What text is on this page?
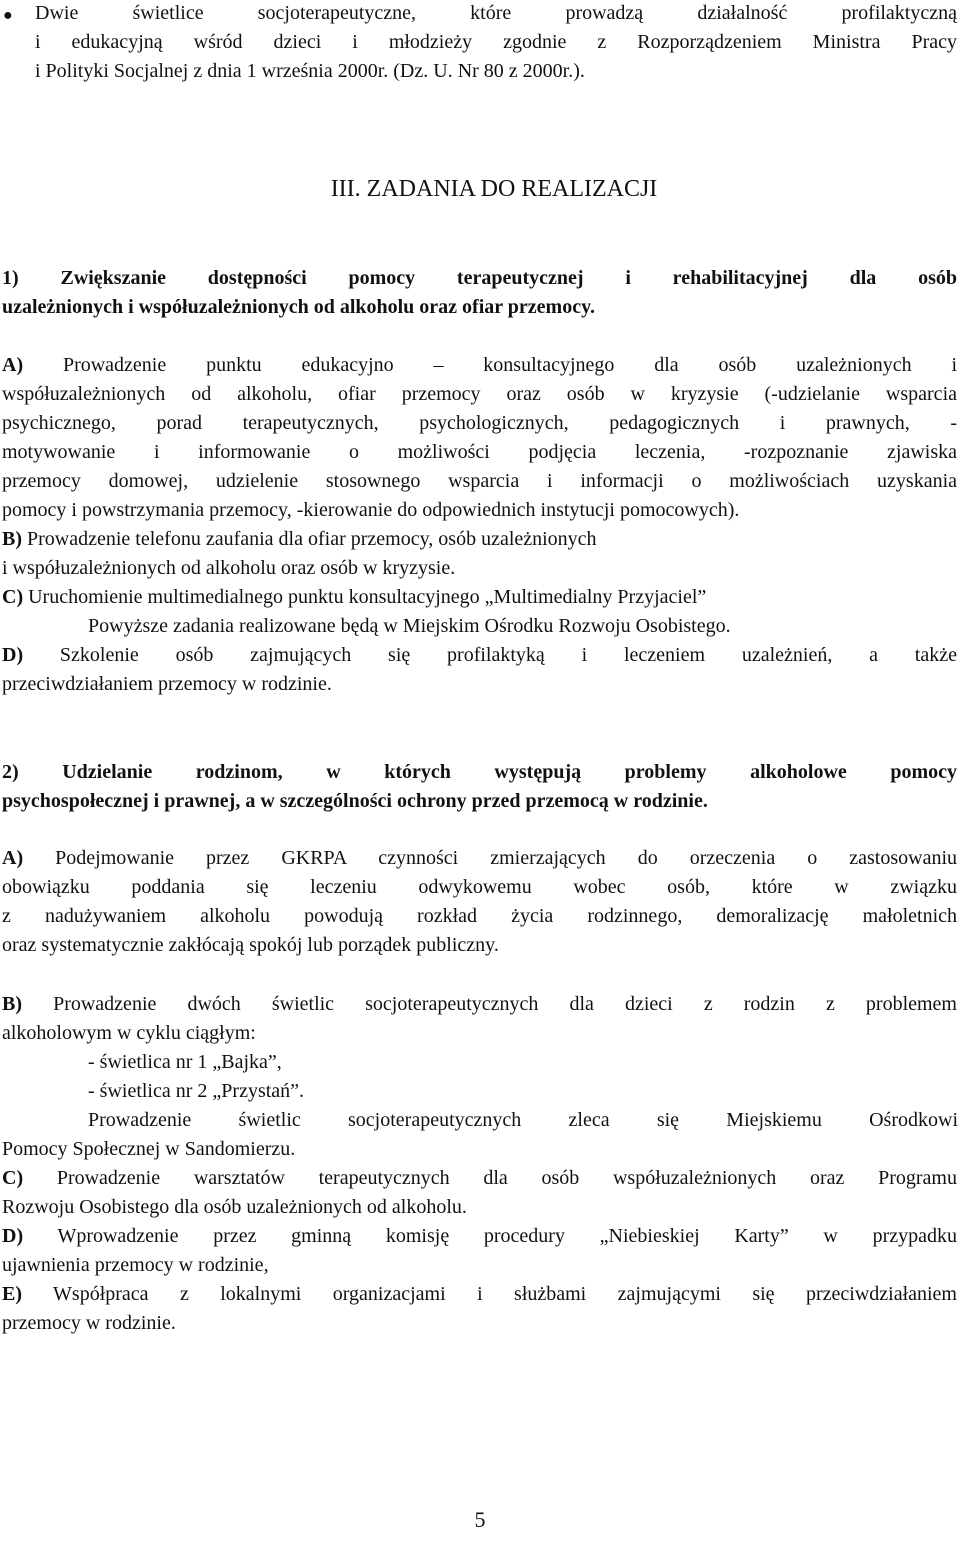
● Dwie świetlice socjoterapeutyczne, które prowadzą działalność profilaktyczną
i edukacyjną wśród dzieci i młodzieży zgodnie z Rozporządzeniem Ministra Pracy
i Polityki Socjalnej z dnia 1 września 2000r. (Dz. U. Nr 80 z 2000r.).
III. ZADANIA DO REALIZACJI
1) Zwiększanie dostępności pomocy terapeutycznej i rehabilitacyjnej dla osób
uzależnionych i współuzależnionych od alkoholu oraz ofiar przemocy.
A) Prowadzenie punktu edukacyjno – konsultacyjnego dla osób uzależnionych i
współuzależnionych od alkoholu, ofiar przemocy oraz osób w kryzysie (-udzielanie wsparcia
psychicznego, porad terapeutycznych, psychologicznych, pedagogicznych i prawnych, -
motywowanie i informowanie o możliwości podjęcia leczenia, -rozpoznanie zjawiska
przemocy domowej, udzielenie stosownego wsparcia i informacji o możliwościach uzyskania
pomocy i powstrzymania przemocy, -kierowanie do odpowiednich instytucji pomocowych).
B) Prowadzenie telefonu zaufania dla ofiar przemocy, osób uzależnionych
i współuzależnionych od alkoholu oraz osób w kryzysie.
C) Uruchomienie multimedialnego punktu konsultacyjnego „Multimedialny Przyjaciel”
Powyższe zadania realizowane będą w Miejskim Ośrodku Rozwoju Osobistego.
D) Szkolenie osób zajmujących się profilaktyką i leczeniem uzależnień, a także
przeciwdziałaniem przemocy w rodzinie.
2) Udzielanie rodzinom, w których występują problemy alkoholowe pomocy
psychospołecznej i prawnej, a w szczególności ochrony przed przemocą w rodzinie.
A) Podejmowanie przez GKRPA czynności zmierzających do orzeczenia o zastosowaniu
obowiązku poddania się leczeniu odwykowemu wobec osób, które w związku
z nadużywaniem alkoholu powodują rozkład życia rodzinnego, demoralizację małoletnich
oraz systematycznie zakłócają spokój lub porządek publiczny.
B) Prowadzenie dwóch świetlic socjoterapeutycznych dla dzieci z rodzin z problemem
alkoholowym w cyklu ciągłym:
- świetlica nr 1 „Bajka”,
- świetlica nr 2 „Przystań”.
Prowadzenie świetlic socjoterapeutycznych zleca się Miejskiemu Ośrodkowi
Pomocy Społecznej w Sandomierzu.
C) Prowadzenie warsztatów terapeutycznych dla osób współuzależnionych oraz Programu
Rozwoju Osobistego dla osób uzależnionych od alkoholu.
D) Wprowadzenie przez gminną komisję procedury „Niebieskiej Karty” w przypadku
ujawnienia przemocy w rodzinie,
E) Współpraca z lokalnymi organizacjami i służbami zajmującymi się przeciwdziałaniem
przemocy w rodzinie.
5
